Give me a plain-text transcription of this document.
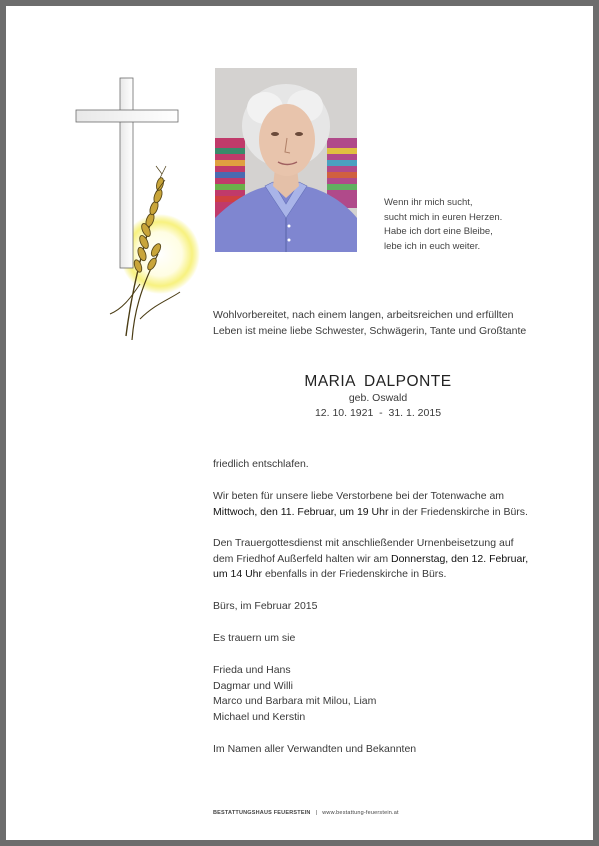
Wenn ihr mich sucht,
sucht mich in euren Herzen.
Habe ich dort eine Bleibe,
lebe ich in euch weiter.
Wohlvorbereitet, nach einem langen, arbeitsreichen und erfüllten
Leben ist meine liebe Schwester, Schwägerin, Tante und Großtante
MARIA DALPONTE
geb. Oswald
12. 10. 1921  -  31. 1. 2015
friedlich entschlafen.
Wir beten für unsere liebe Verstorbene bei der Totenwache am
Mittwoch, den 11. Februar, um 19 Uhr in der Friedenskirche in Bürs.
Den Trauergottesdienst mit anschließender Urnenbeisetzung auf
dem Friedhof Außerfeld halten wir am Donnerstag, den 12. Februar,
um 14 Uhr ebenfalls in der Friedenskirche in Bürs.
Bürs, im Februar 2015
Es trauern um sie
Frieda und Hans
Dagmar und Willi
Marco und Barbara mit Milou, Liam
Michael und Kerstin
Im Namen aller Verwandten und Bekannten
BESTATTUNGSHAUS FEUERSTEIN | www.bestattung-feuerstein.at
